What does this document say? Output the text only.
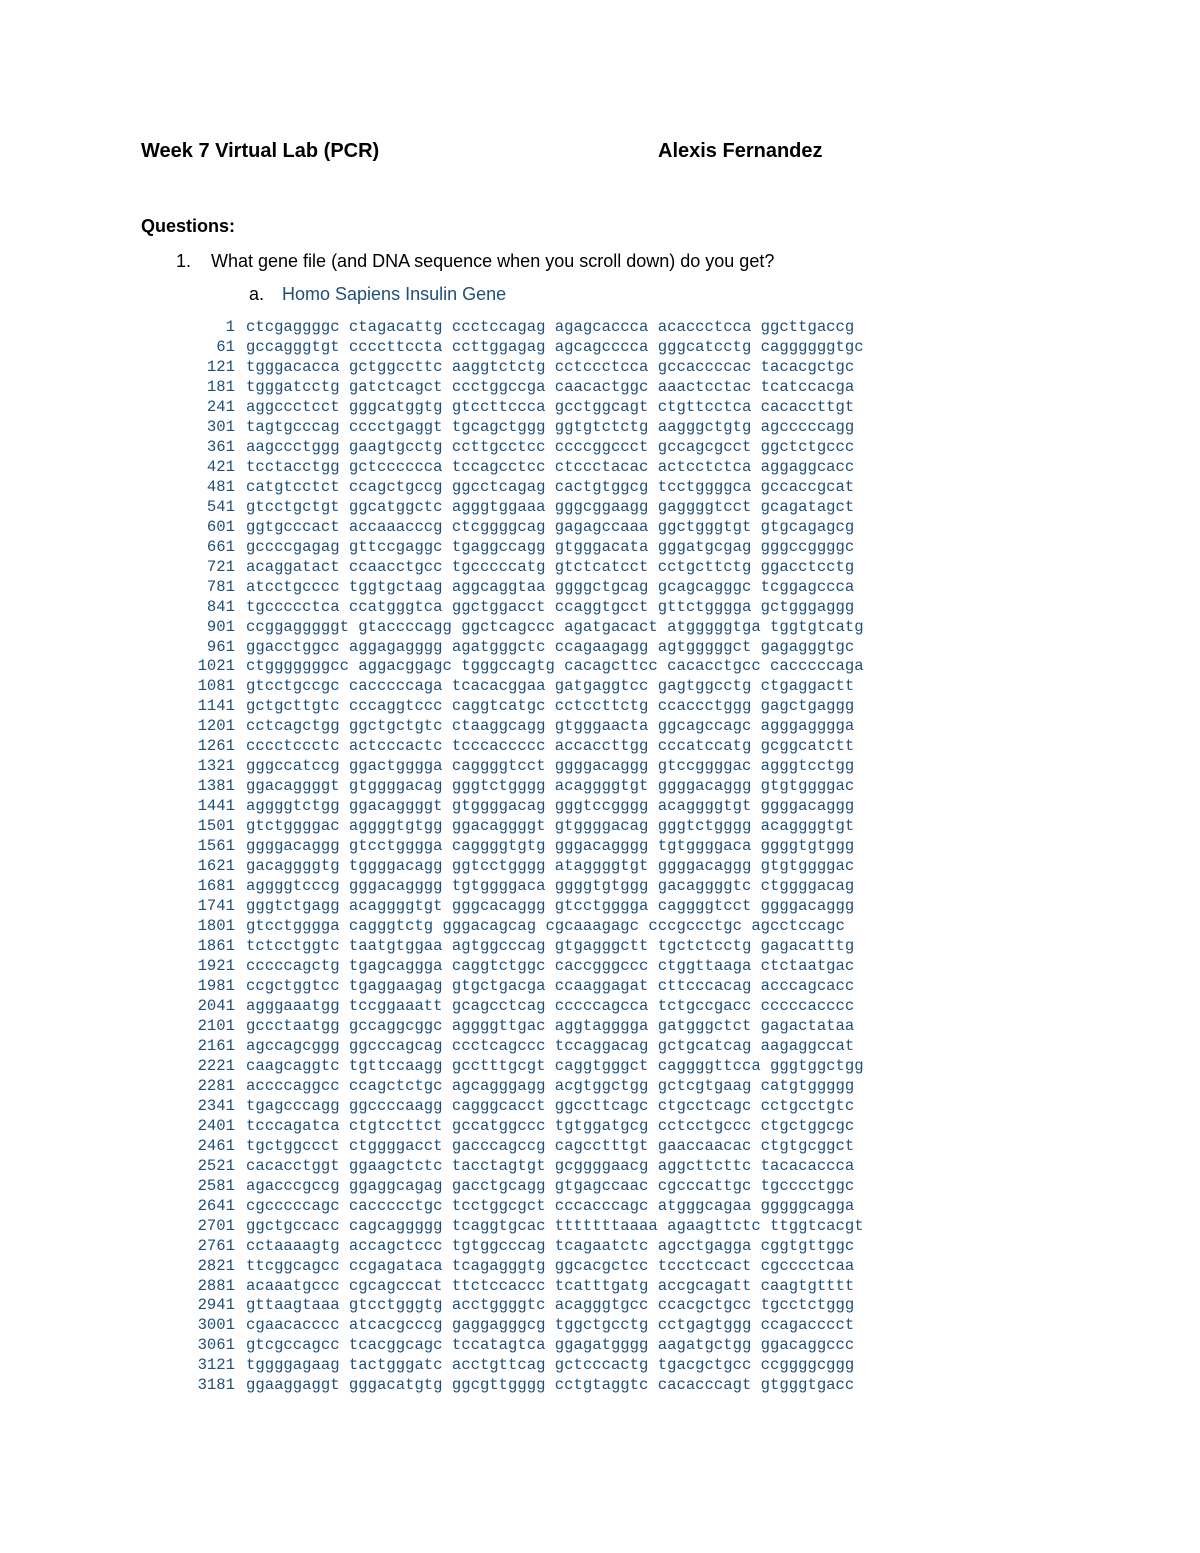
Week 7 Virtual Lab (PCR)	Alexis Fernandez
Questions:
1. What gene file (and DNA sequence when you scroll down) do you get?
a. Homo Sapiens Insulin Gene
1 ctcgaggggc ctagacattg ccctccagag agagcaccca acaccctcca ggcttgaccg
61 gccagggtgt ccccttccta ccttggagag agcagcccca gggcatcctg caggggggtgc
121 tgggacacca gctggccttc aaggtctctg cctccctcca gccaccccac tacacgctgc
181 tgggatcctg gatctcagct ccctggccga caacactggc aaactcctac tcatccacga
241 aggccctcct gggcatggtg gtccttccca gcctggcagt ctgttcctca cacaccttgt
301 tagtgcccag cccctgaggt tgcagctggg ggtgtctctg aagggctgtg agcccccagg
361 aagccctggg gaagtgcctg ccttgcctcc ccccggccct gccagcgcct ggctctgccc
421 tcctacctgg gctcccccca tccagcctcc ctccctacac actcctctca aggaggcacc
481 catgtcctct ccagctgccg ggcctcagag cactgtggcg tcctggggca gccaccgcat
541 gtcctgctgt ggcatggctc agggtggaaa gggcggaagg gaggggtcct gcagatagct
601 ggtgcccact accaaacccg ctcggggcag gagagccaaa ggctgggtgt gtgcagagcg
661 gccccgagag gttccgaggc tgaggccagg gtgggacata gggatgcgag gggccggggc
721 acaggatact ccaacctgcc tgcccccatg gtctcatcct cctgcttctg ggacctcctg
781 atcctgcccc tggtgctaag aggcaggtaa ggggctgcag gcagcagggc tcggagccca
841 tgccccctca ccatgggtca ggctggacct ccaggtgcct gttctggggа gctgggaggg
901 ccggagggggt gtaccccagg ggctcagccc agatgacact atgggggtga tggtgtcatg
961 ggacctggcc aggagagggg agatgggctc ccagaagagg agtgggggct gagagggtgc
1021 ctgggggggcc aggacggagc tgggccagtg cacagcttcc cacacctgcc cacccccaga
1081 gtcctgccgc cacccccaga tcacacggaa gatgaggtcc gagtggcctg ctgaggactt
1141 gctgcttgtc cccaggtccc caggtcatgc cctccttctg ccaccctggg gagctgaggg
1201 cctcagctgg ggctgctgtc ctaaggcagg gtgggaacta ggcagccagc agggagggga
1261 cccctccctc actcccactc tcccaccccc accaccttgg cccatccatg gcggcatctt
1321 gggccatccg ggactgggga caggggtcct ggggacaggg gtccggggac agggtcctgg
1381 ggacaggggt gtggggacag gggtctgggg acaggggtgt ggggacaggg gtgtggggac
1441 aggggtctgg ggacaggggt gtggggacag gggtccgggg acaggggtgt ggggacaggg
1501 gtctggggac aggggtgtgg ggacaggggt gtggggacag gggtctgggg acaggggtgt
1561 ggggacaggg gtcctgggga caggggtgtg gggacagggg tgtggggaca ggggtgtggg
1621 gacaggggtg tggggacagg ggtcctgggg atаggggtgt ggggacaggg gtgtggggac
1681 aggggtcccg gggacagggg tgtggggaca ggggtgtggg gacaggggtc ctggggacag
1741 gggtctgagg acaggggtgt gggcacaggg gtcctgggga caggggtcct ggggacaggg
1801 gtcctgggga cagggtctg gggacagcag cgcaaagagc cccgccctgc agcctccagc
1861 tctcctggtc taatgtggaa agtggcccag gtgagggctt tgctctcctg gagacatttg
1921 cccccagctg tgagcaggga caggtctggc caccgggccc ctggttaaga ctctaatgac
1981 ccgctggtcc tgaggaagag gtgctgacga ccaaggagat cttcccacag acccagcacc
2041 agggaaatgg tccggaaatt gcagcctcag cccccagcca tctgccgacc cccccacccc
2101 gccctaatgg gccaggcggc aggggttgac aggtagggga gatgggctct gagactataa
2161 agccagcggg ggcccagcag ccctcagccc tccaggacag gctgcatcag aagaggccat
2221 caagcaggtc tgttccaagg gcctttgcgt caggtgggct caggggttcca gggtggctgg
2281 accccaggcc ccagctctgc agcagggagg acgtggctgg gctcgtgaag catgtggggg
2341 tgagcccagg ggccccaagg cagggcacct ggccttcagc ctgcctcagc cctgcctgtc
2401 tcccagatca ctgtccttct gccatggccc tgtggatgcg cctcctgccc ctgctggcgc
2461 tgctggccct ctggggacct gacccagccg cagcctttgt gaaccaacac ctgtgcggct
2521 cacacctggt ggaagctctc tacctagtgt gcggggaacg aggcttcttc tacacaccca
2581 agacccgccg ggaggcagag gacctgcagg gtgagccaac cgcccattgc tgcccctggc
2641 cgcccccagc caccccctgc tcctggcgct cccacccagc atgggcagaa gggggcagga
2701 ggctgccacc cagcaggggg tcaggtgcac tttttttaaaa agaagttctc ttggtcacgt
2761 cctaaaagtg accagctccc tgtggcccag tcagaatctc agcctgagga cggtgttggc
2821 ttcggcagcc ccgagataca tcagagggtg ggcacgctcc tccctccact cgcccctcaa
2881 acaaatgccc cgcagcccat ttctccaccc tcatttgatg accgcagatt caagtgtttt
2941 gttaagtaaa gtcctgggtg acctggggtc acagggtgcc ccacgctgcc tgcctctggg
3001 cgaacacccc atcacgcccg gaggagggcg tggctgcctg cctgagtggg ccagacccct
3061 gtcgccagcc tcacggcagc tccatagtca ggagatgggg aagatgctgg ggacaggccc
3121 tggggagaag tactgggatc acctgttcag gctcccactg tgacgctgcc ccggggcggg
3181 ggaaggaggt gggacatgtg ggcgttgggg cctgtaggtc cacacccagt gtgggtgacc
